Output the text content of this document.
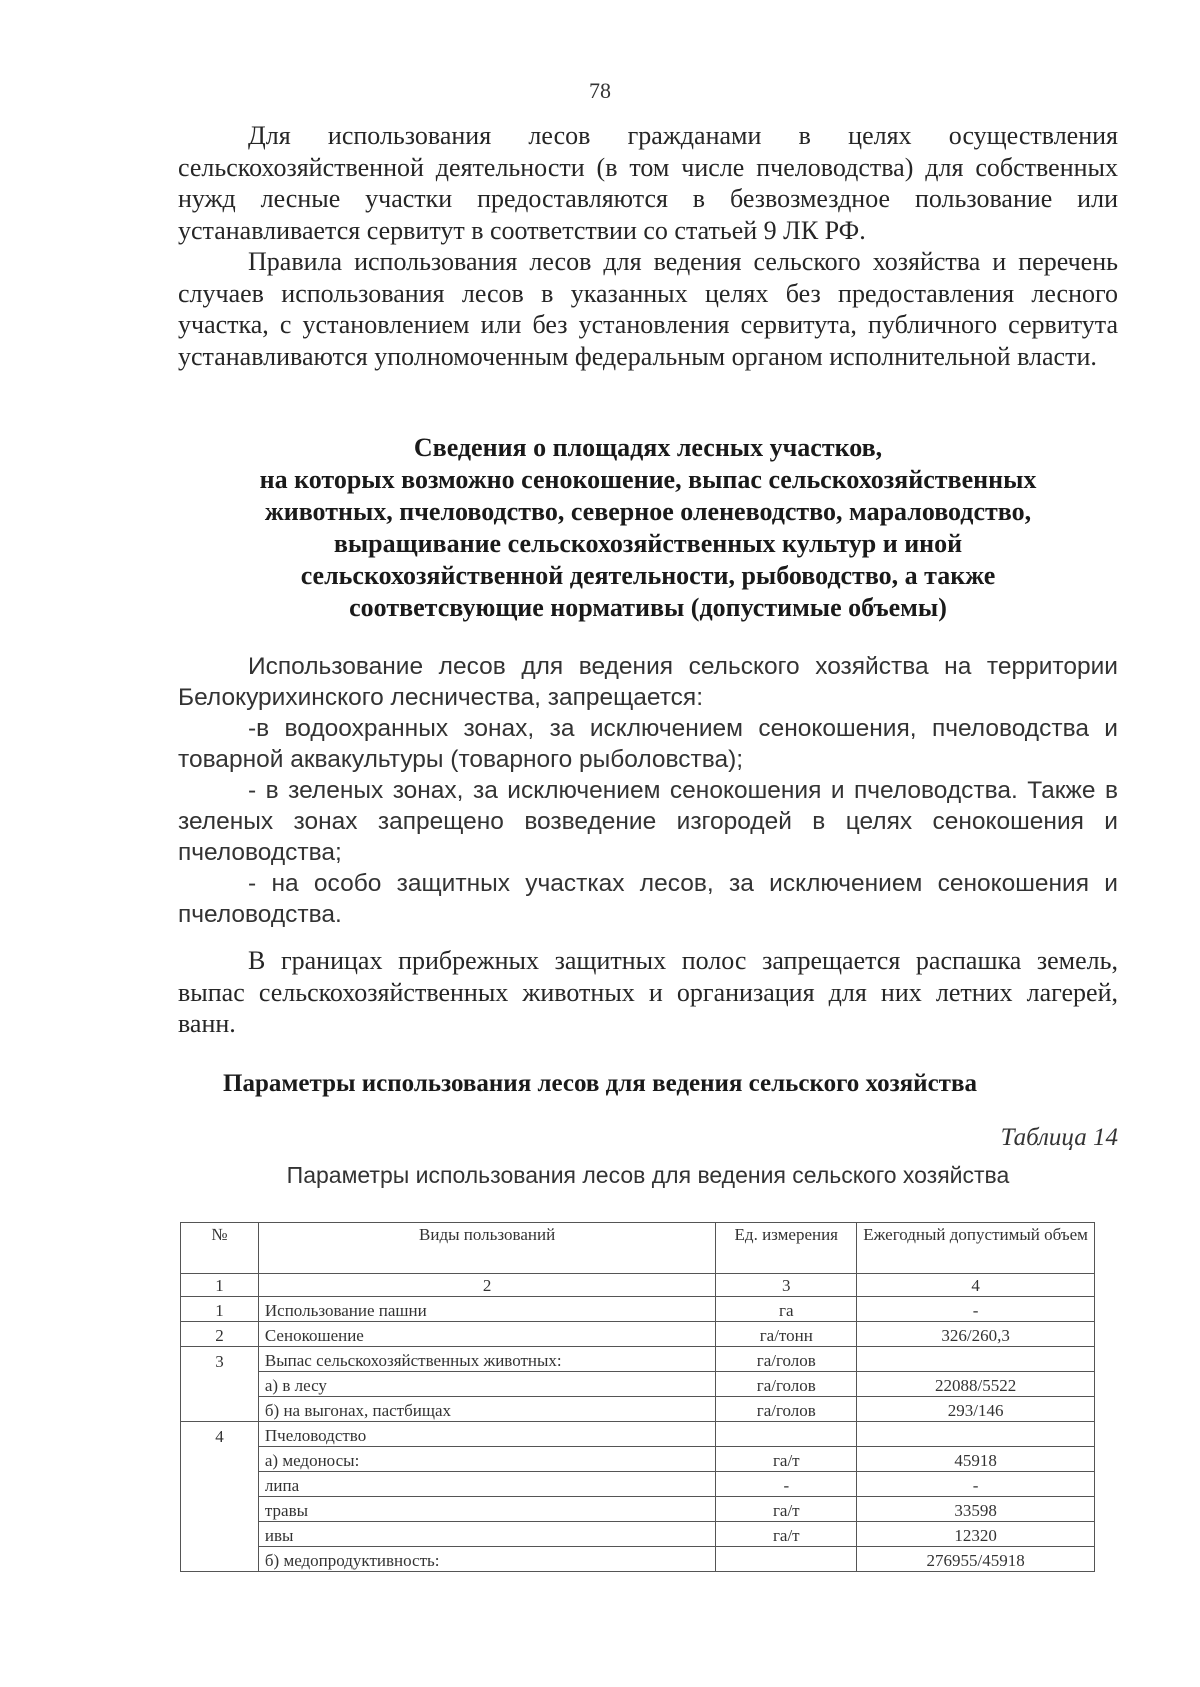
78

Для использования лесов гражданами в целях осуществления сельскохозяйственной деятельности (в том числе пчеловодства) для собственных нужд лесные участки предоставляются в безвозмездное пользование или устанавливается сервитут в соответствии со статьей 9 ЛК РФ.

Правила использования лесов для ведения сельского хозяйства и перечень случаев использования лесов в указанных целях без предоставления лесного участка, с установлением или без установления сервитута, публичного сервитута устанавливаются уполномоченным федеральным органом исполнительной власти.

Сведения о площадях лесных участков,
на которых возможно сенокошение, выпас сельскохозяйственных
животных, пчеловодство, северное оленеводство, мараловодство,
выращивание сельскохозяйственных культур и иной
сельскохозяйственной деятельности, рыбоводство, а также
соответсвующие нормативы (допустимые объемы)

Использование лесов для ведения сельского хозяйства на территории Белокурихинского лесничества, запрещается:

-в водоохранных зонах, за исключением сенокошения, пчеловодства и товарной аквакультуры (товарного рыболовства);

- в зеленых зонах, за исключением сенокошения и пчеловодства. Также в зеленых зонах запрещено возведение изгородей в целях сенокошения и пчеловодства;

- на особо защитных участках лесов, за исключением сенокошения и пчеловодства.

В границах прибрежных защитных полос запрещается распашка земель, выпас сельскохозяйственных животных и организация для них летних лагерей, ванн.

Параметры использования лесов для ведения сельского хозяйства
Таблица 14
Параметры использования лесов для ведения сельского хозяйства
№	Виды пользований	Ед. измерения	Ежегодный допустимый объем
1	2	3	4
1	Использование пашни	га	-
2	Сенокошение	га/тонн	326/260,3
3	Выпас сельскохозяйственных животных:	га/голов	
	а) в лесу	га/голов	22088/5522
	б) на выгонах, пастбищах	га/голов	293/146
4	Пчеловодство		
	а) медоносы:	га/т	45918
	липа	-	-
	травы	га/т	33598
	ивы	га/т	12320
	б) медопродуктивность:		276955/45918
